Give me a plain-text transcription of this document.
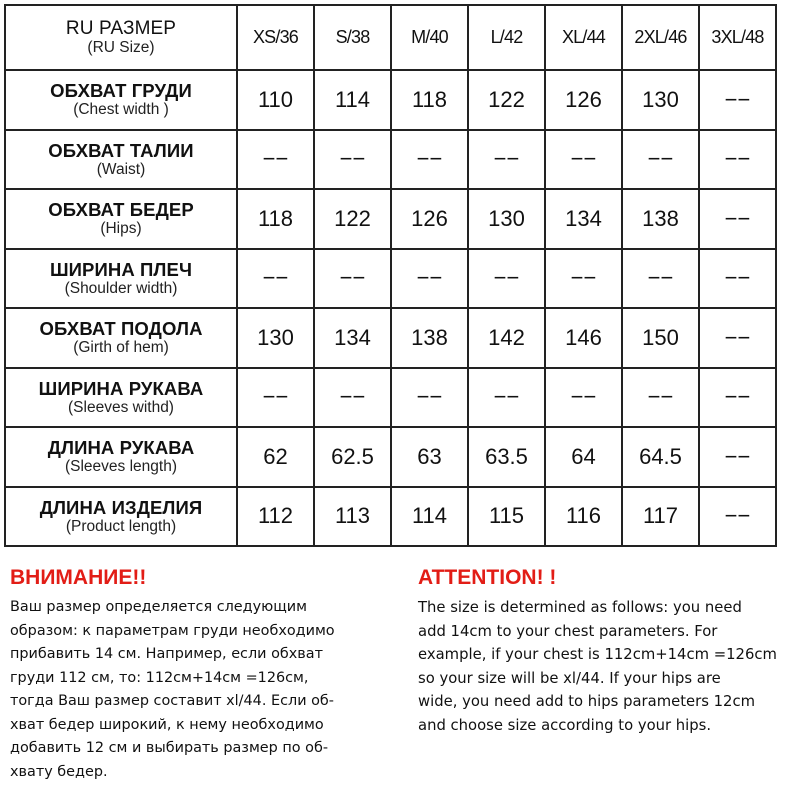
RU РАЗМЕР
(RU Size)	XS/36	S/38	M/40	L/42	XL/44	2XL/46	3XL/48

ОБХВАТ ГРУДИ
(Chest width )	110	114	118	122	126	130	−−

ОБХВАТ ТАЛИИ
(Waist)	−−	−−	−−	−−	−−	−−	−−

ОБХВАТ БЕДЕР
(Hips)	118	122	126	130	134	138	−−

ШИРИНА ПЛЕЧ
(Shoulder width)	−−	−−	−−	−−	−−	−−	−−

ОБХВАТ ПОДОЛА
(Girth of hem)	130	134	138	142	146	150	−−

ШИРИНА РУКАВА
(Sleeves withd)	−−	−−	−−	−−	−−	−−	−−

ДЛИНА РУКАВА
(Sleeves length)	62	62.5	63	63.5	64	64.5	−−

ДЛИНА ИЗДЕЛИЯ
(Product length)	112	113	114	115	116	117	−−
ВНИМАНИЕ!!
Ваш размер определяется следующим
образом: к параметрам груди необходимо
прибавить 14 см. Например, если обхват
груди 112 см, то: 112см+14см =126см,
тогда Ваш размер составит xl/44. Если об-
хват бедер широкий, к нему необходимо
добавить 12 см и выбирать размер по об-
хвату бедер.
ATTENTION! !
The size is determined as follows: you need
add 14cm to your chest parameters. For
example, if your chest is 112cm+14cm =126cm
so your size will be xl/44. If your hips are
wide, you need add to hips parameters 12cm
and choose size according to your hips.
